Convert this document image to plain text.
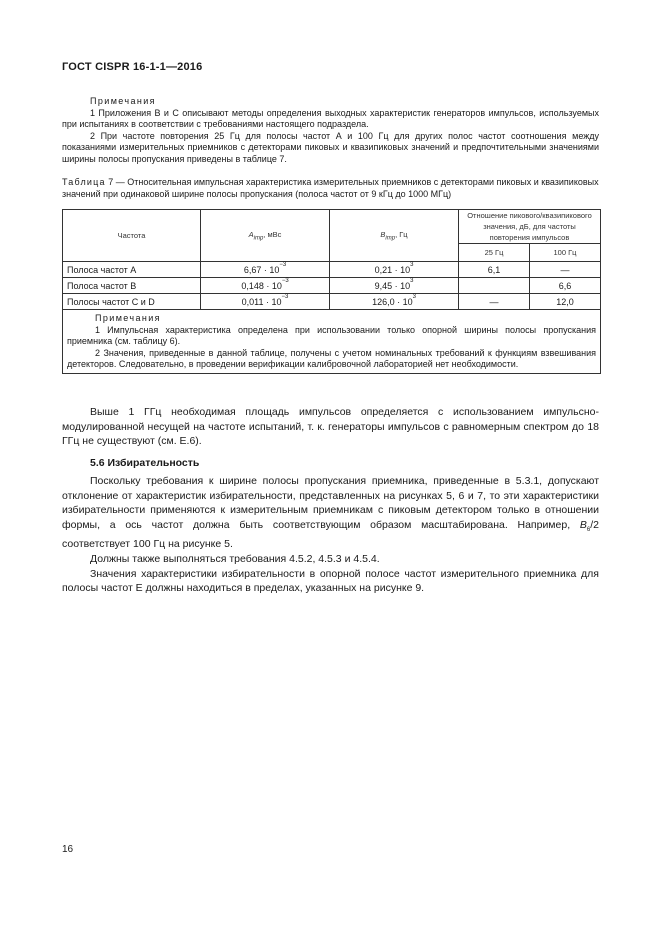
ГОСТ CISPR 16-1-1—2016

Примечания

1 Приложения В и С описывают методы определения выходных характеристик генераторов импульсов, используемых при испытаниях в соответствии с требованиями настоящего подраздела.

2 При частоте повторения 25 Гц для полосы частот А и 100 Гц для других полос частот соотношения между показаниями измерительных приемников с детекторами пиковых и квазипиковых значений и предпочтительными значениями ширины полосы пропускания приведены в таблице 7.

Таблица 7 — Относительная импульсная характеристика измерительных приемников с детекторами пиковых и квазипиковых значений при одинаковой ширине полосы пропускания (полоса частот от 9 кГц до 1000 МГц)
Частота	$A_{imp}$, мВс	$B_{imp}$, Гц	Отношение пикового/квазипикового значения, дБ, для частоты повторения импульсов	
			25 Гц	100 Гц
Полоса частот А	$6,67 \cdot 10^{-3}$	$0,21 \cdot 10^3$	6,1	—
Полоса частот В	$0,148 \cdot 10^{-3}$	$9,45 \cdot 10^3$		6,6
Полосы частот С и D	$0,011 \cdot 10^{-3}$	$126,0 \cdot 10^3$	—	12,0

Примечания
1 Импульсная характеристика определена при использовании только опорной ширины полосы пропускания приемника (см. таблицу 6).
2 Значения, приведенные в данной таблице, получены с учетом номинальных требований к функциям взвешивания детекторов. Следовательно, в проведении верификации калибровочной лабораторией нет необходимости.				

Выше 1 ГГц необходимая площадь импульсов определяется с использованием импульсно-модулированной несущей на частоте испытаний, т. к. генераторы импульсов с равномерным спектром до 18 ГГц не существуют (см. Е.6).

5.6 Избирательность

Поскольку требования к ширине полосы пропускания приемника, приведенные в 5.3.1, допускают отклонение от характеристик избирательности, представленных на рисунках 5, 6 и 7, то эти характеристики избирательности применяются к измерительным приемникам с пиковым детектором только в отношении формы, а ось частот должна быть соответствующим образом масштабирована. Например, $B_6/2$ соответствует 100 Гц на рисунке 5.

Должны также выполняться требования 4.5.2, 4.5.3 и 4.5.4.

Значения характеристики избирательности в опорной полосе частот измерительного приемника для полосы частот Е должны находиться в пределах, указанных на рисунке 9.

16
